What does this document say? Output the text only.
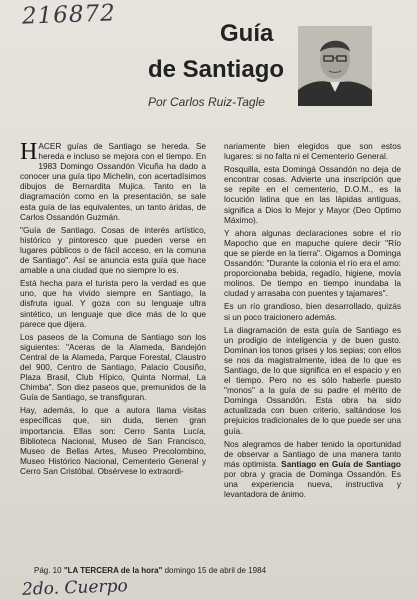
216872
Guía
de Santiago
Por Carlos Ruiz-Tagle

HACER guías de Santiago se hereda. Se hereda e incluso se mejora con el tiempo. En 1983 Domingo Ossandón Vicuña ha dado a conocer una guía tipo Michelin, con acertadísimos dibujos de Bernardita Mujica. Tanto en la diagramación como en la presentación, se sale esta guía de las equivalentes, un tanto áridas, de Carlos Ossandón Guzmán.

"Guía de Santiago. Cosas de interés artístico, histórico y pintoresco que pueden verse en lugares públicos o de fácil acceso, en la comuna de Santiago". Así se anuncia esta guía que hace amable a una ciudad que no siempre lo es.

Está hecha para el turista pero la verdad es que uno, que ha vivido siempre en Santiago, la disfruta igual. Y goza con su lenguaje ultra sintético, un lenguaje que dice más de lo que parece que dijera.

Los paseos de la Comuna de Santiago son los siguientes: "Aceras de la Alameda, Bandejón Central de la Alameda, Parque Forestal, Claustro del 900, Centro de Santiago, Palacio Cousiño, Plaza Brasil, Club Hípico, Quinta Normal, La Chimba". Son diez paseos que, premunidos de la Guía de Santiago, se transfiguran.

Hay, además, lo que a autora llama visitas específicas que, sin duda, tienen gran importancia. Ellas son: Cerro Santa Lucía, Biblioteca Nacional, Museo de San Francisco, Museo de Bellas Artes, Museo Precolombino, Museo Histórico Nacional, Cementerio General y Cerro San Cristóbal. Obsérvese lo extraordi-

nariamente bien elegidos que son estos lugares: si no falta ni el Cementerio General.

Rosquilla, esta Domingá Ossandón no deja de encontrar cosas. Advierte una inscripción que se repite en el cementerio, D.O.M., es la locución latina que en las lápidas antiguas, significa a Dios lo Mejor y Mayor (Deo Optimo Máximo).

Y ahora algunas declaraciones sobre el río Mapocho que en mapuche quiere decir "Río que se pierde en la tierra". Oigamos a Dominga Ossandón: "Durante la colonia el río era el amo: proporcionaba bebida, regadío, higiene, movía molinos. De tiempo en tiempo inundaba la ciudad y arrasaba con puentes y tajamares".

Es un río grandioso, bien desarrollado, quizás si un poco traicionero además.

La diagramación de esta guía de Santiago es un prodigio de inteligencia y de buen gusto. Dominan los tonos grises y los sepias; con ellos se nos da magistralmente, idea de lo que es Santiago, de lo que significa en el espacio y en el tiempo. Pero no es sólo haberle puesto "monos" a la guía de su padre el mérito de Dominga Ossandón. Esta obra ha sido actualizada con buen criterio, saltándose los prejuicios tradicionales de lo que puede ser una guía.

Nos alegramos de haber tenido la oportunidad de observar a Santiago de una manera tanto más optimista. Santiago en Guía de Santiago por obra y gracia de Dominga Ossandón. Es una experiencia nueva, instructiva y levantadora de ánimo.

Pág. 10 "LA TERCERA de la hora" domingo 15 de abril de 1984
2do. Cuerpo
